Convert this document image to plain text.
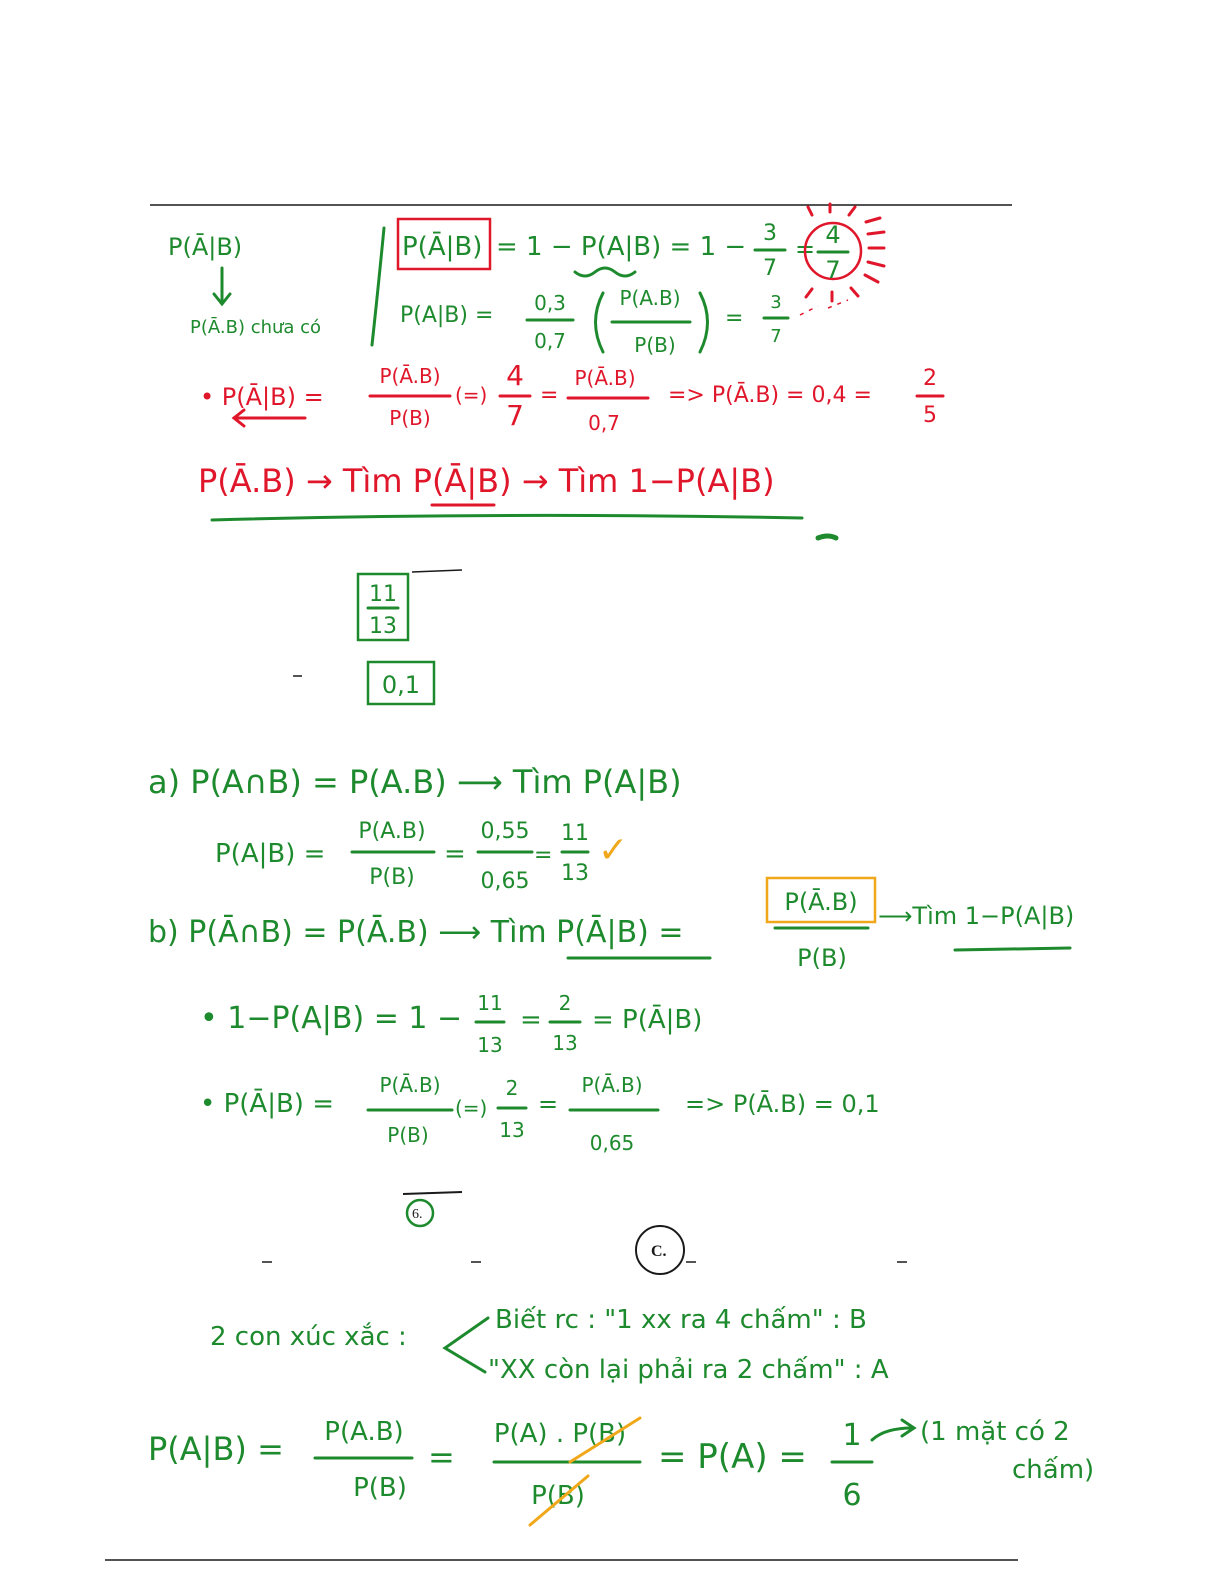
P(Ā|B)
P(Ā.B) chưa có
P(Ā|B) = 1 − P(A|B) = 1 − 3
7
= 4
7
P(A|B) = 0,3
0,7
P(A.B)
P(B)
=
3
7
• P(Ā|B) =
P(Ā.B)
P(B)
(=)
4
7
=
P(Ā.B)
0,7
=> P(Ā.B) = 0,4 =
2
5
P(Ā.B) → Tìm P(Ā|B) → Tìm 1−P(A|B)
11
13
0,1
a) P(A∩B) = P(A.B) ⟶ Tìm P(A|B)
P(A|B) =
P(A.B)
P(B)
=
0,55
0,65
=
11
13
✓
b) P(Ā∩B) = P(Ā.B) ⟶ Tìm P(Ā|B) =
P(Ā.B)
P(B)
⟶Tìm 1−P(A|B)
• 1−P(A|B) = 1 − 11
13
=
2
13
= P(Ā|B)
• P(Ā|B) =
P(Ā.B)
P(B)
(=)
2
13
=
P(Ā.B)
0,65
=> P(Ā.B) = 0,1
6.
C.
2 con xúc xắc :
Biết rc : "1 xx ra 4 chấm" : B
"XX còn lại phải ra 2 chấm" : A
P(A|B) = P(A.B)
P(B)
=
P(A) . P(B)
P(B)
= P(A) =
1
6
(1 mặt có 2
chấm)
